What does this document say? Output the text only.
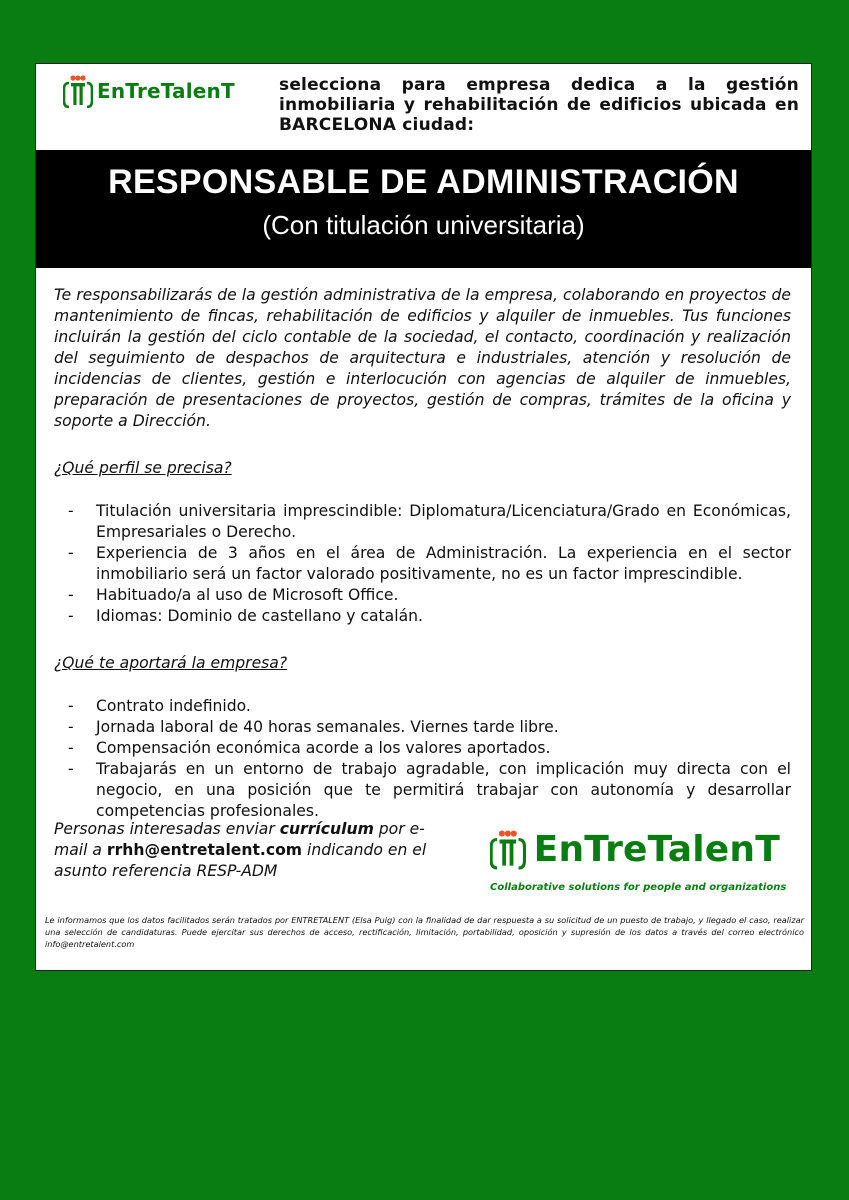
EnTreTalenT	selecciona para empresa dedica a la gestión inmobiliaria y rehabilitación de edificios ubicada en BARCELONA ciudad:
RESPONSABLE DE ADMINISTRACIÓN
(Con titulación universitaria)

Te responsabilizarás de la gestión administrativa de la empresa, colaborando en proyectos de mantenimiento de fincas, rehabilitación de edificios y alquiler de inmuebles. Tus funciones incluirán la gestión del ciclo contable de la sociedad, el contacto, coordinación y realización del seguimiento de despachos de arquitectura e industriales, atención y resolución de incidencias de clientes, gestión e interlocución con agencias de alquiler de inmuebles, preparación de presentaciones de proyectos, gestión de compras, trámites de la oficina y soporte a Dirección.

¿Qué perfil se precisa?
- Titulación universitaria imprescindible: Diplomatura/Licenciatura/Grado en Económicas, Empresariales o Derecho.
- Experiencia de 3 años en el área de Administración. La experiencia en el sector inmobiliario será un factor valorado positivamente, no es un factor imprescindible.
- Habituado/a al uso de Microsoft Office.
- Idiomas: Dominio de castellano y catalán.
¿Qué te aportará la empresa?
- Contrato indefinido.
- Jornada laboral de 40 horas semanales. Viernes tarde libre.
- Compensación económica acorde a los valores aportados.
- Trabajarás en un entorno de trabajo agradable, con implicación muy directa con el negocio, en una posición que te permitirá trabajar con autonomía y desarrollar competencias profesionales.
Personas interesadas enviar currículum por e-mail a rrhh@entretalent.com indicando en el asunto referencia RESP-ADM
EnTreTalenT
Collaborative solutions for people and organizations

Le informamos que los datos facilitados serán tratados por ENTRETALENT (Elsa Puig) con la finalidad de dar respuesta a su solicitud de un puesto de trabajo, y llegado el caso, realizar una selección de candidaturas. Puede ejercitar sus derechos de acceso, rectificación, limitación, portabilidad, oposición y supresión de los datos a través del correo electrónico info@entretalent.com
